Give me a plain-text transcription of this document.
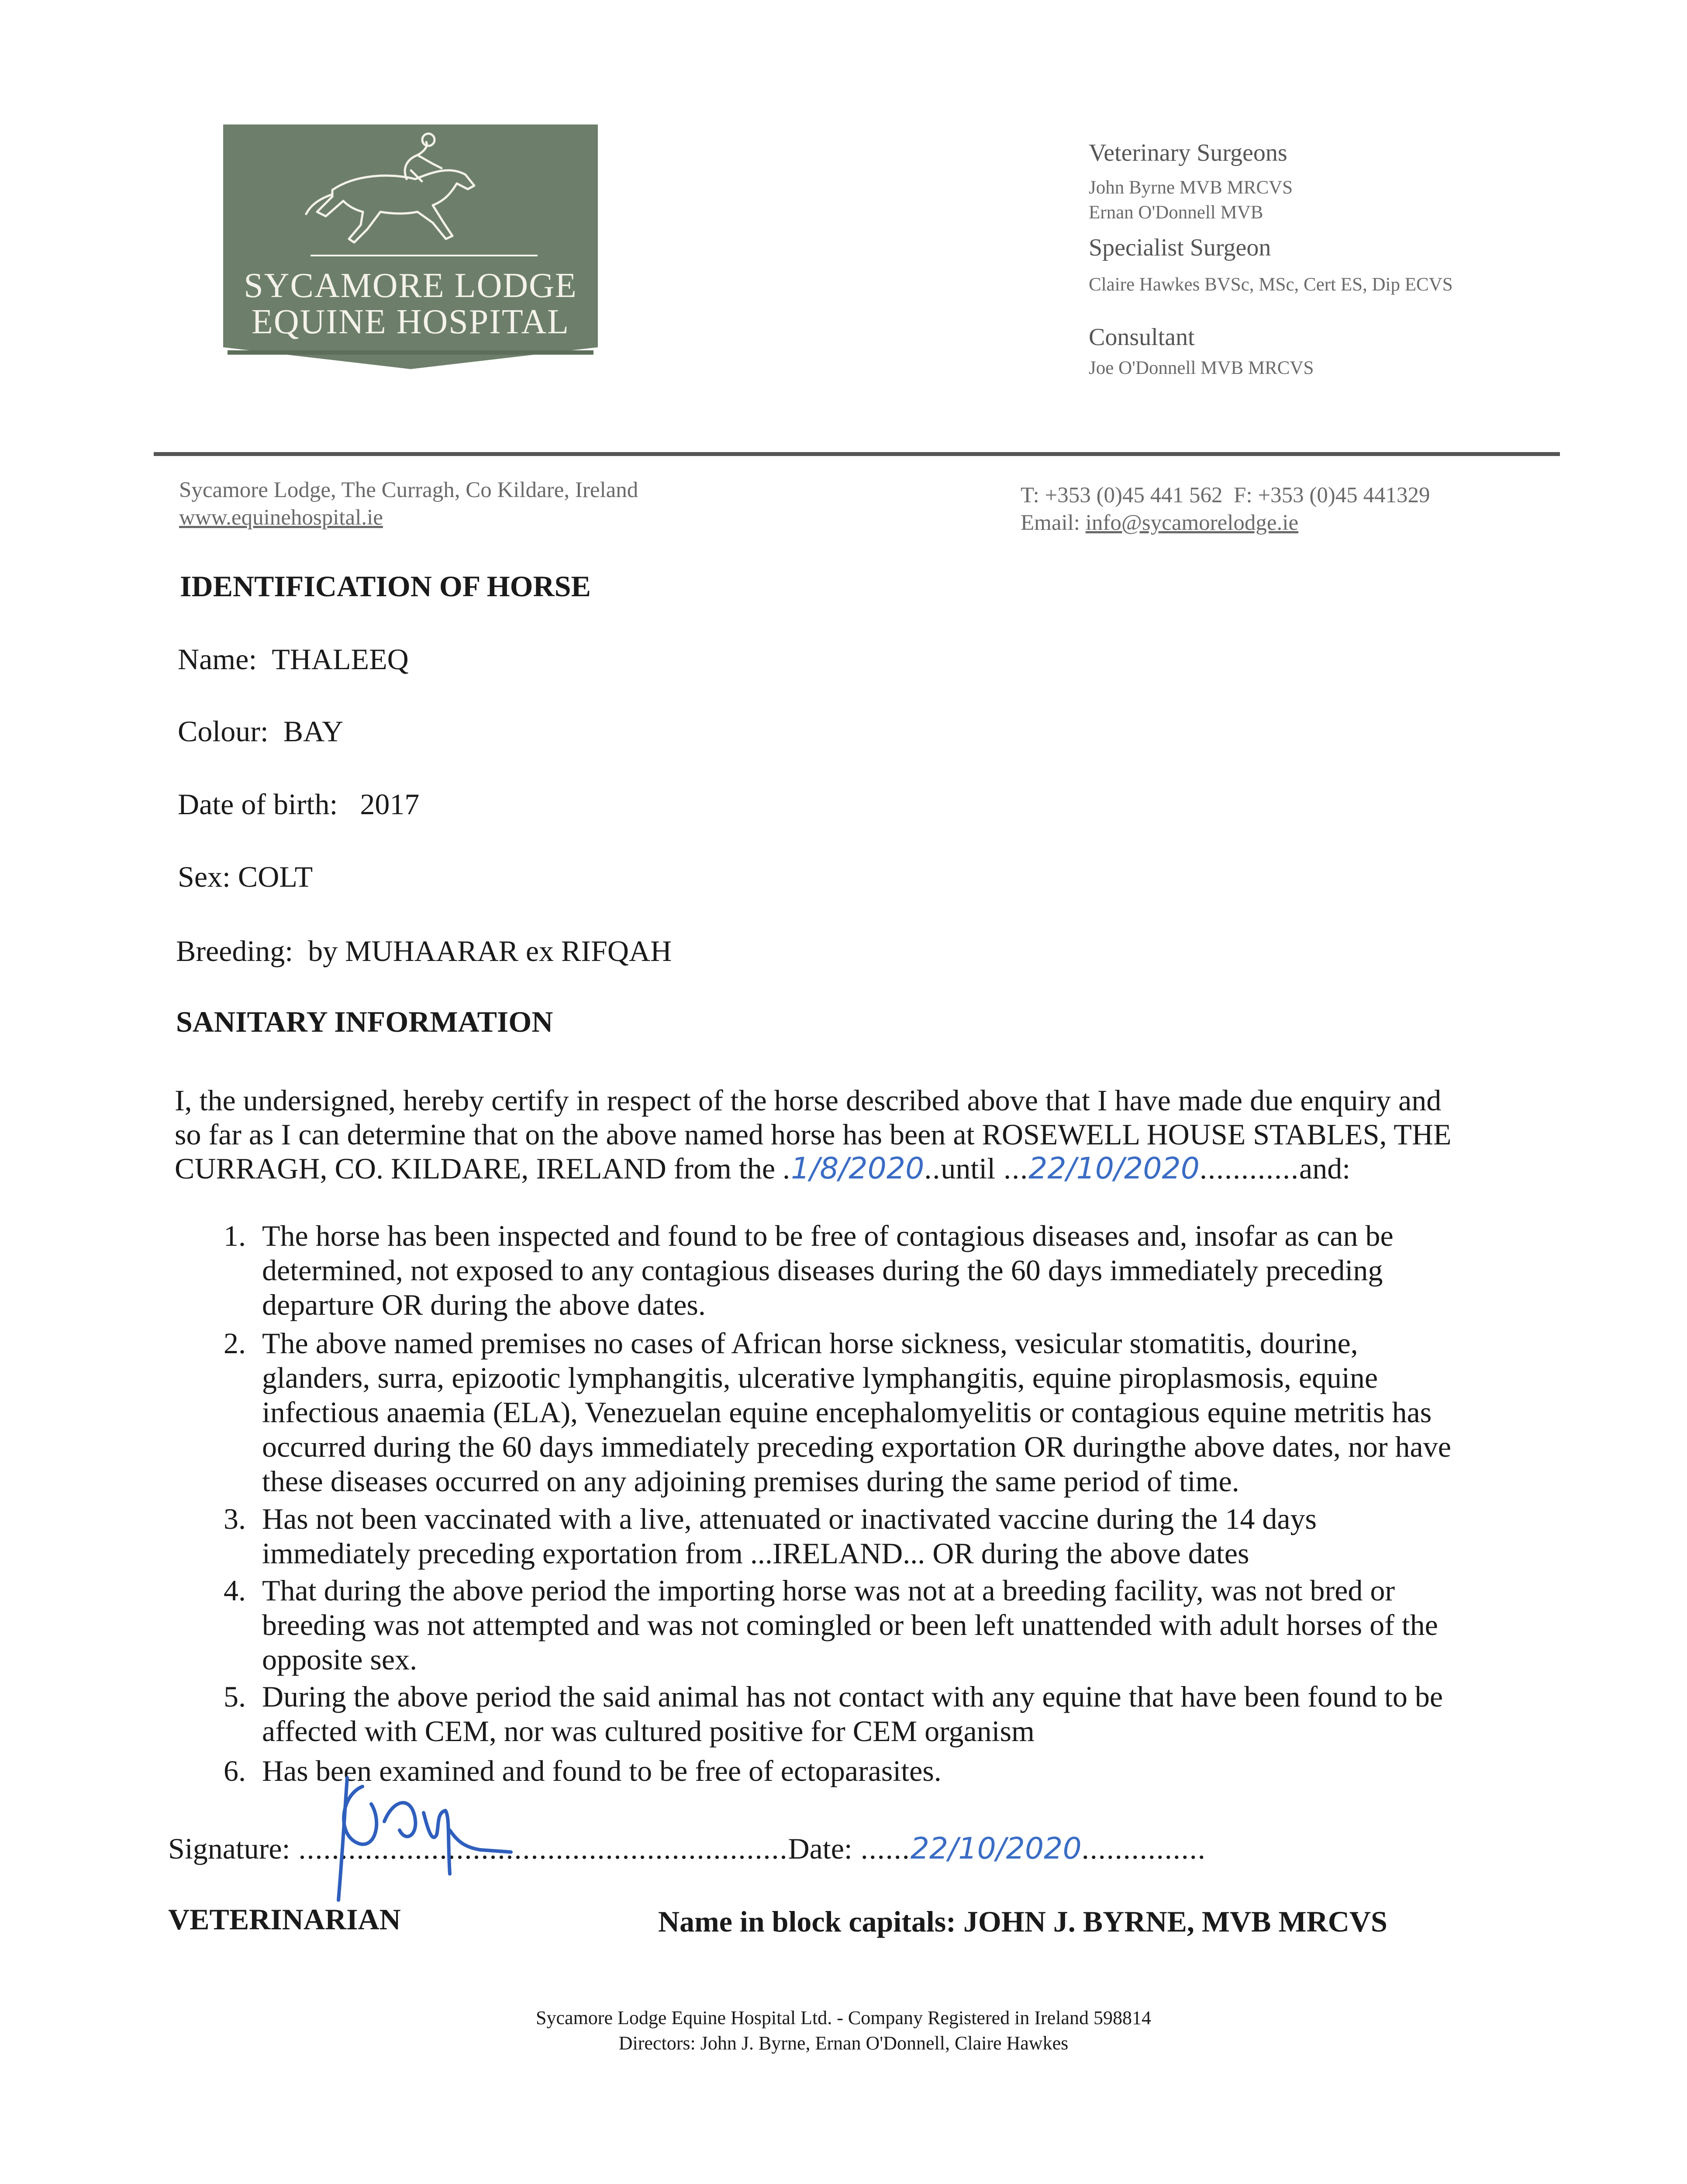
SYCAMORE LODGE
EQUINE HOSPITAL
Veterinary Surgeons
John Byrne MVB MRCVS
Ernan O'Donnell MVB
Specialist Surgeon
Claire Hawkes BVSc, MSc, Cert ES, Dip ECVS
Consultant
Joe O'Donnell MVB MRCVS
Sycamore Lodge, The Curragh, Co Kildare, Ireland
www.equinehospital.ie
T: +353 (0)45 441 562 F: +353 (0)45 441329
Email: info@sycamorelodge.ie
IDENTIFICATION OF HORSE
Name: THALEEQ
Colour: BAY
Date of birth: 2017
Sex: COLT
Breeding: by MUHAARAR ex RIFQAH
SANITARY INFORMATION
I, the undersigned, hereby certify in respect of the horse described above that I have made due enquiry and
so far as I can determine that on the above named horse has been at ROSEWELL HOUSE STABLES, THE
CURRAGH, CO. KILDARE, IRELAND from the .1/8/2020..until ...22/10/2020............and:
1. The horse has been inspected and found to be free of contagious diseases and, insofar as can be
determined, not exposed to any contagious diseases during the 60 days immediately preceding
departure OR during the above dates.
2. The above named premises no cases of African horse sickness, vesicular stomatitis, dourine,
glanders, surra, epizootic lymphangitis, ulcerative lymphangitis, equine piroplasmosis, equine
infectious anaemia (ELA), Venezuelan equine encephalomyelitis or contagious equine metritis has
occurred during the 60 days immediately preceding exportation OR duringthe above dates, nor have
these diseases occurred on any adjoining premises during the same period of time.
3. Has not been vaccinated with a live, attenuated or inactivated vaccine during the 14 days
immediately preceding exportation from ...IRELAND... OR during the above dates
4. That during the above period the importing horse was not at a breeding facility, was not bred or
breeding was not attempted and was not comingled or been left unattended with adult horses of the
opposite sex.
5. During the above period the said animal has not contact with any equine that have been found to be
affected with CEM, nor was cultured positive for CEM organism
6. Has been examined and found to be free of ectoparasites.
Signature: ...........................................................Date: ......22/10/2020...............
VETERINARIAN	Name in block capitals: JOHN J. BYRNE, MVB MRCVS
Sycamore Lodge Equine Hospital Ltd. - Company Registered in Ireland 598814
Directors: John J. Byrne, Ernan O'Donnell, Claire Hawkes
